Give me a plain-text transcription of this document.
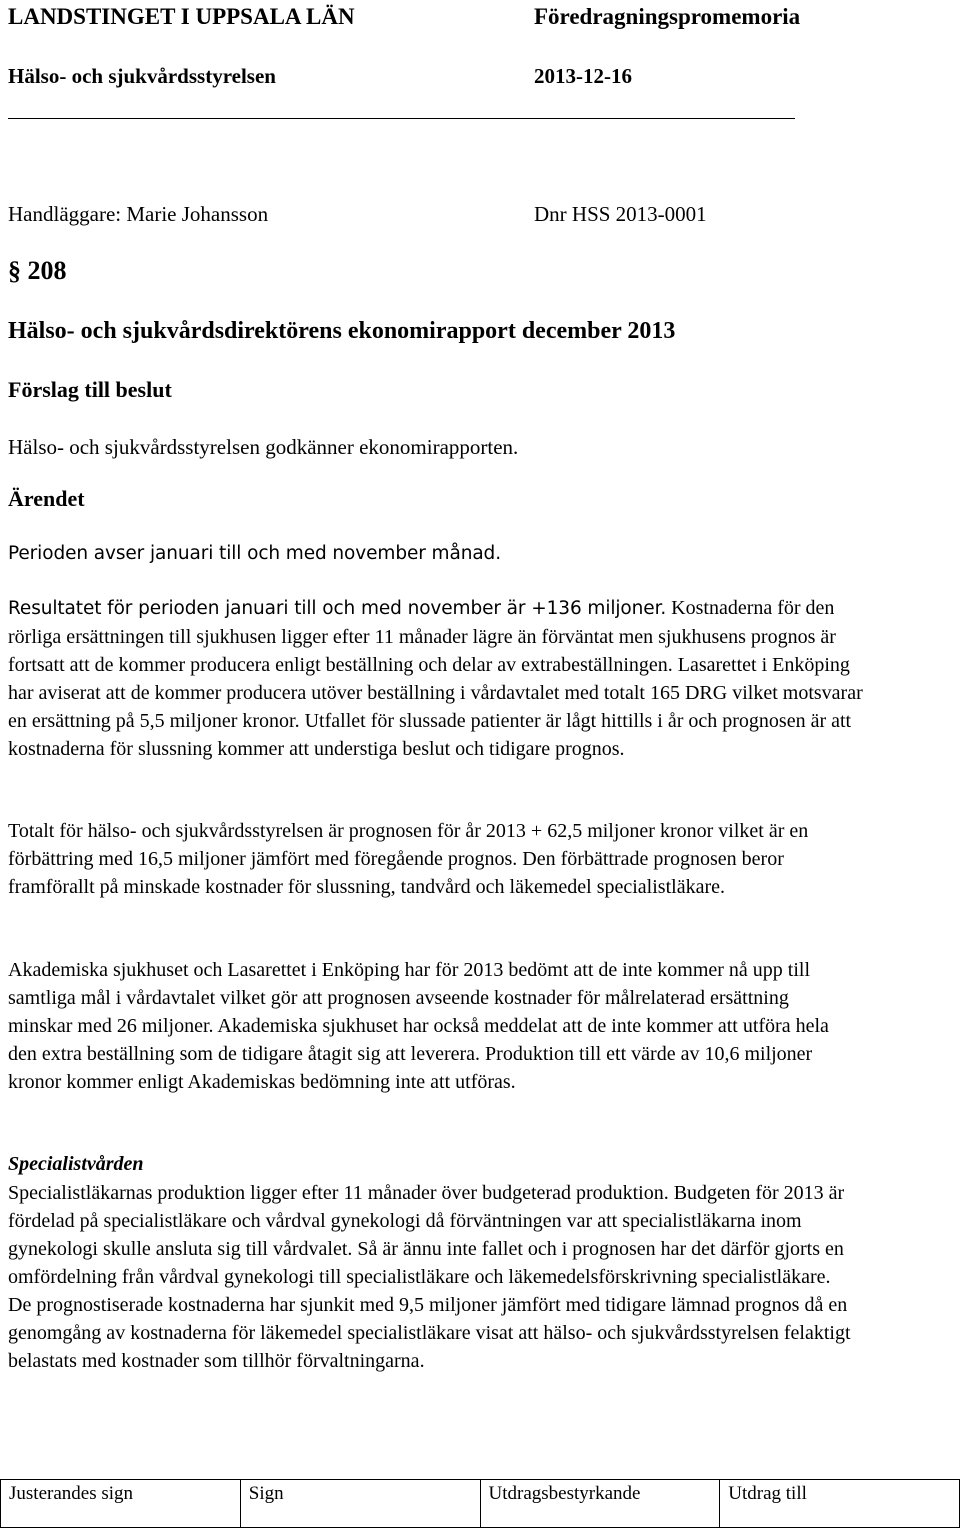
LANDSTINGET I UPPSALA LÄN	Föredragningspromemoria
Hälso- och sjukvårdsstyrelsen	2013-12-16
Handläggare: Marie Johansson	Dnr HSS 2013-0001
§ 208
Hälso- och sjukvårdsdirektörens ekonomirapport december 2013
Förslag till beslut
Hälso- och sjukvårdsstyrelsen godkänner ekonomirapporten.
Ärendet
Perioden avser januari till och med november månad.
Resultatet för perioden januari till och med november är +136 miljoner. Kostnaderna för den rörliga ersättningen till sjukhusen ligger efter 11 månader lägre än förväntat men sjukhusens prognos är fortsatt att de kommer producera enligt beställning och delar av extrabeställningen. Lasarettet i Enköping har aviserat att de kommer producera utöver beställning i vårdavtalet med totalt 165 DRG vilket motsvarar en ersättning på 5,5 miljoner kronor. Utfallet för slussade patienter är lågt hittills i år och prognosen är att kostnaderna för slussning kommer att understiga beslut och tidigare prognos.
Totalt för hälso- och sjukvårdsstyrelsen är prognosen för år 2013 + 62,5 miljoner kronor vilket är en förbättring med 16,5 miljoner jämfört med föregående prognos. Den förbättrade prognosen beror framförallt på minskade kostnader för slussning, tandvård och läkemedel specialistläkare.
Akademiska sjukhuset och Lasarettet i Enköping har för 2013 bedömt att de inte kommer nå upp till samtliga mål i vårdavtalet vilket gör att prognosen avseende kostnader för målrelaterad ersättning minskar med 26 miljoner. Akademiska sjukhuset har också meddelat att de inte kommer att utföra hela den extra beställning som de tidigare åtagit sig att leverera. Produktion till ett värde av 10,6 miljoner kronor kommer enligt Akademiskas bedömning inte att utföras.
Specialistvården
Specialistläkarnas produktion ligger efter 11 månader över budgeterad produktion. Budgeten för 2013 är fördelad på specialistläkare och vårdval gynekologi då förväntningen var att specialistläkarna inom gynekologi skulle ansluta sig till vårdvalet. Så är ännu inte fallet och i prognosen har det därför gjorts en omfördelning från vårdval gynekologi till specialistläkare och läkemedelsförskrivning specialistläkare. De prognostiserade kostnaderna har sjunkit med 9,5 miljoner jämfört med tidigare lämnad prognos då en genomgång av kostnaderna för läkemedel specialistläkare visat att hälso- och sjukvårdsstyrelsen felaktigt belastats med kostnader som tillhör förvaltningarna.
Justerandes sign	Sign	Utdragsbestyrkande	Utdrag till
